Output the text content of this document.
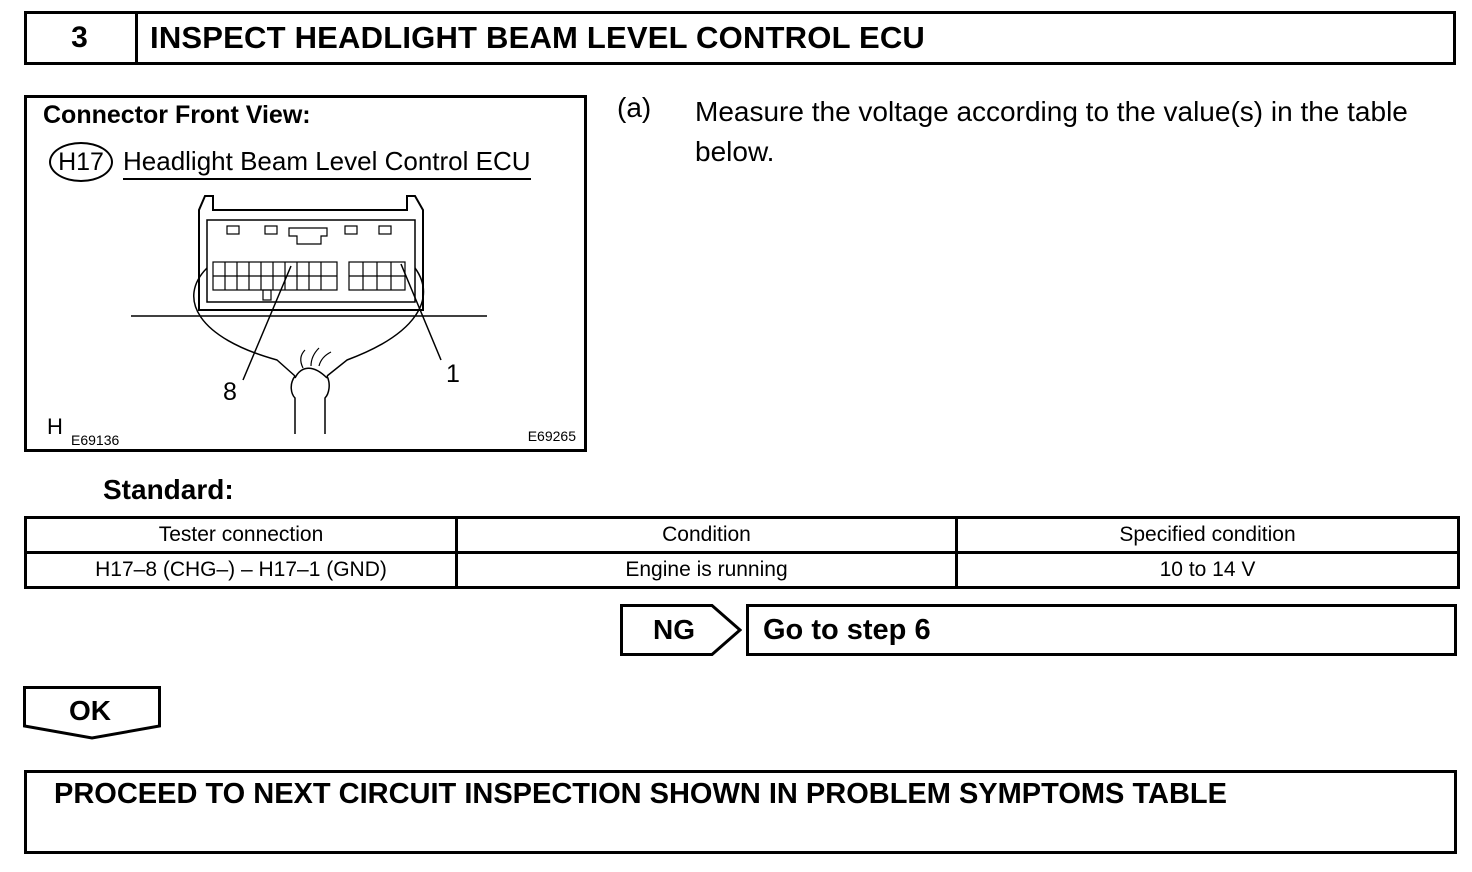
3	INSPECT HEADLIGHT BEAM LEVEL CONTROL ECU
Connector Front View:
H17 Headlight Beam Level Control ECU
8
1
H
E69136	E69265
(a) Measure the voltage according to the value(s) in the table below.
Standard:
Tester connection	Condition	Specified condition
H17–8 (CHG–) – H17–1 (GND)	Engine is running	10 to 14 V
NG	Go to step 6
OK
PROCEED TO NEXT CIRCUIT INSPECTION SHOWN IN PROBLEM SYMPTOMS TABLE
